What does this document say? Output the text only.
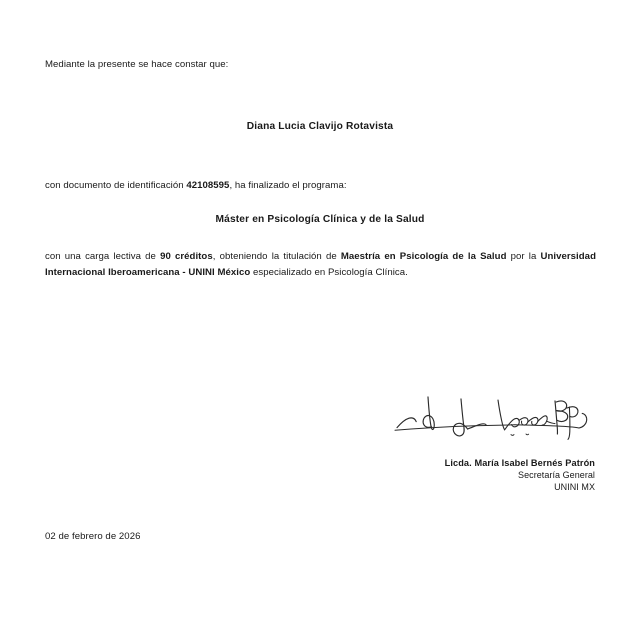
Mediante la presente se hace constar que:
Diana Lucia Clavijo Rotavista
con documento de identificación 42108595, ha finalizado el programa:
Máster en Psicología Clínica y de la Salud
con una carga lectiva de 90 créditos, obteniendo la titulación de Maestría en Psicología de la Salud por la Universidad Internacional Iberoamericana - UNINI México especializado en Psicología Clínica.
Licda. María Isabel Bernés Patrón
Secretaría General
UNINI MX
02 de febrero de 2026
